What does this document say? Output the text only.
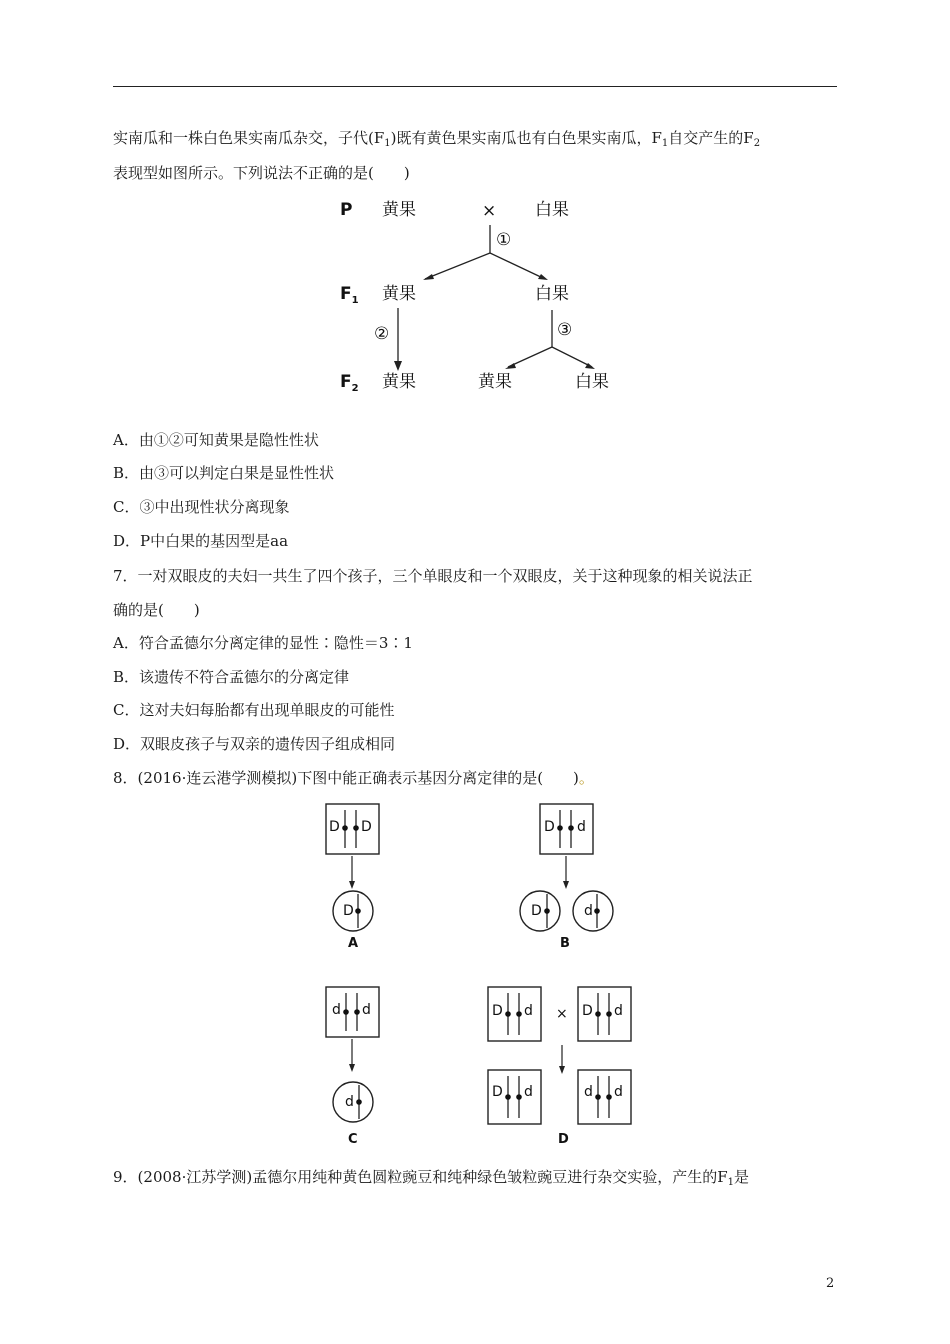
实南瓜和一株白色果实南瓜杂交，子代$(F_1)$既有黄色果实南瓜也有白色果实南瓜，$F_1$自交产生的$F_2$
表现型如图所示。下列说法不正确的是(　　)
P 黄果	× 白果
①
$F_1$ 黄果	白果
②	③
$F_2$ 黄果	黄果	白果
A．由①②可知黄果是隐性性状
B．由③可以判定白果是显性性状
C．③中出现性状分离现象
D．P中白果的基因型是aa
7．一对双眼皮的夫妇一共生了四个孩子，三个单眼皮和一个双眼皮，关于这种现象的相关说法正
确的是(　　)
A．符合孟德尔分离定律的显性∶隐性＝3∶1
B．该遗传不符合孟德尔的分离定律
C．这对夫妇每胎都有出现单眼皮的可能性
D．双眼皮孩子与双亲的遗传因子组成相同
8．(2016·连云港学测模拟)下图中能正确表示基因分离定律的是(　　)。
D D
D
A
D d
D	d
B
d d
d
C
D d × D d
D d	d d
D
9．(2008·江苏学测)孟德尔用纯种黄色圆粒豌豆和纯种绿色皱粒豌豆进行杂交实验，产生的$F_1$是
2
